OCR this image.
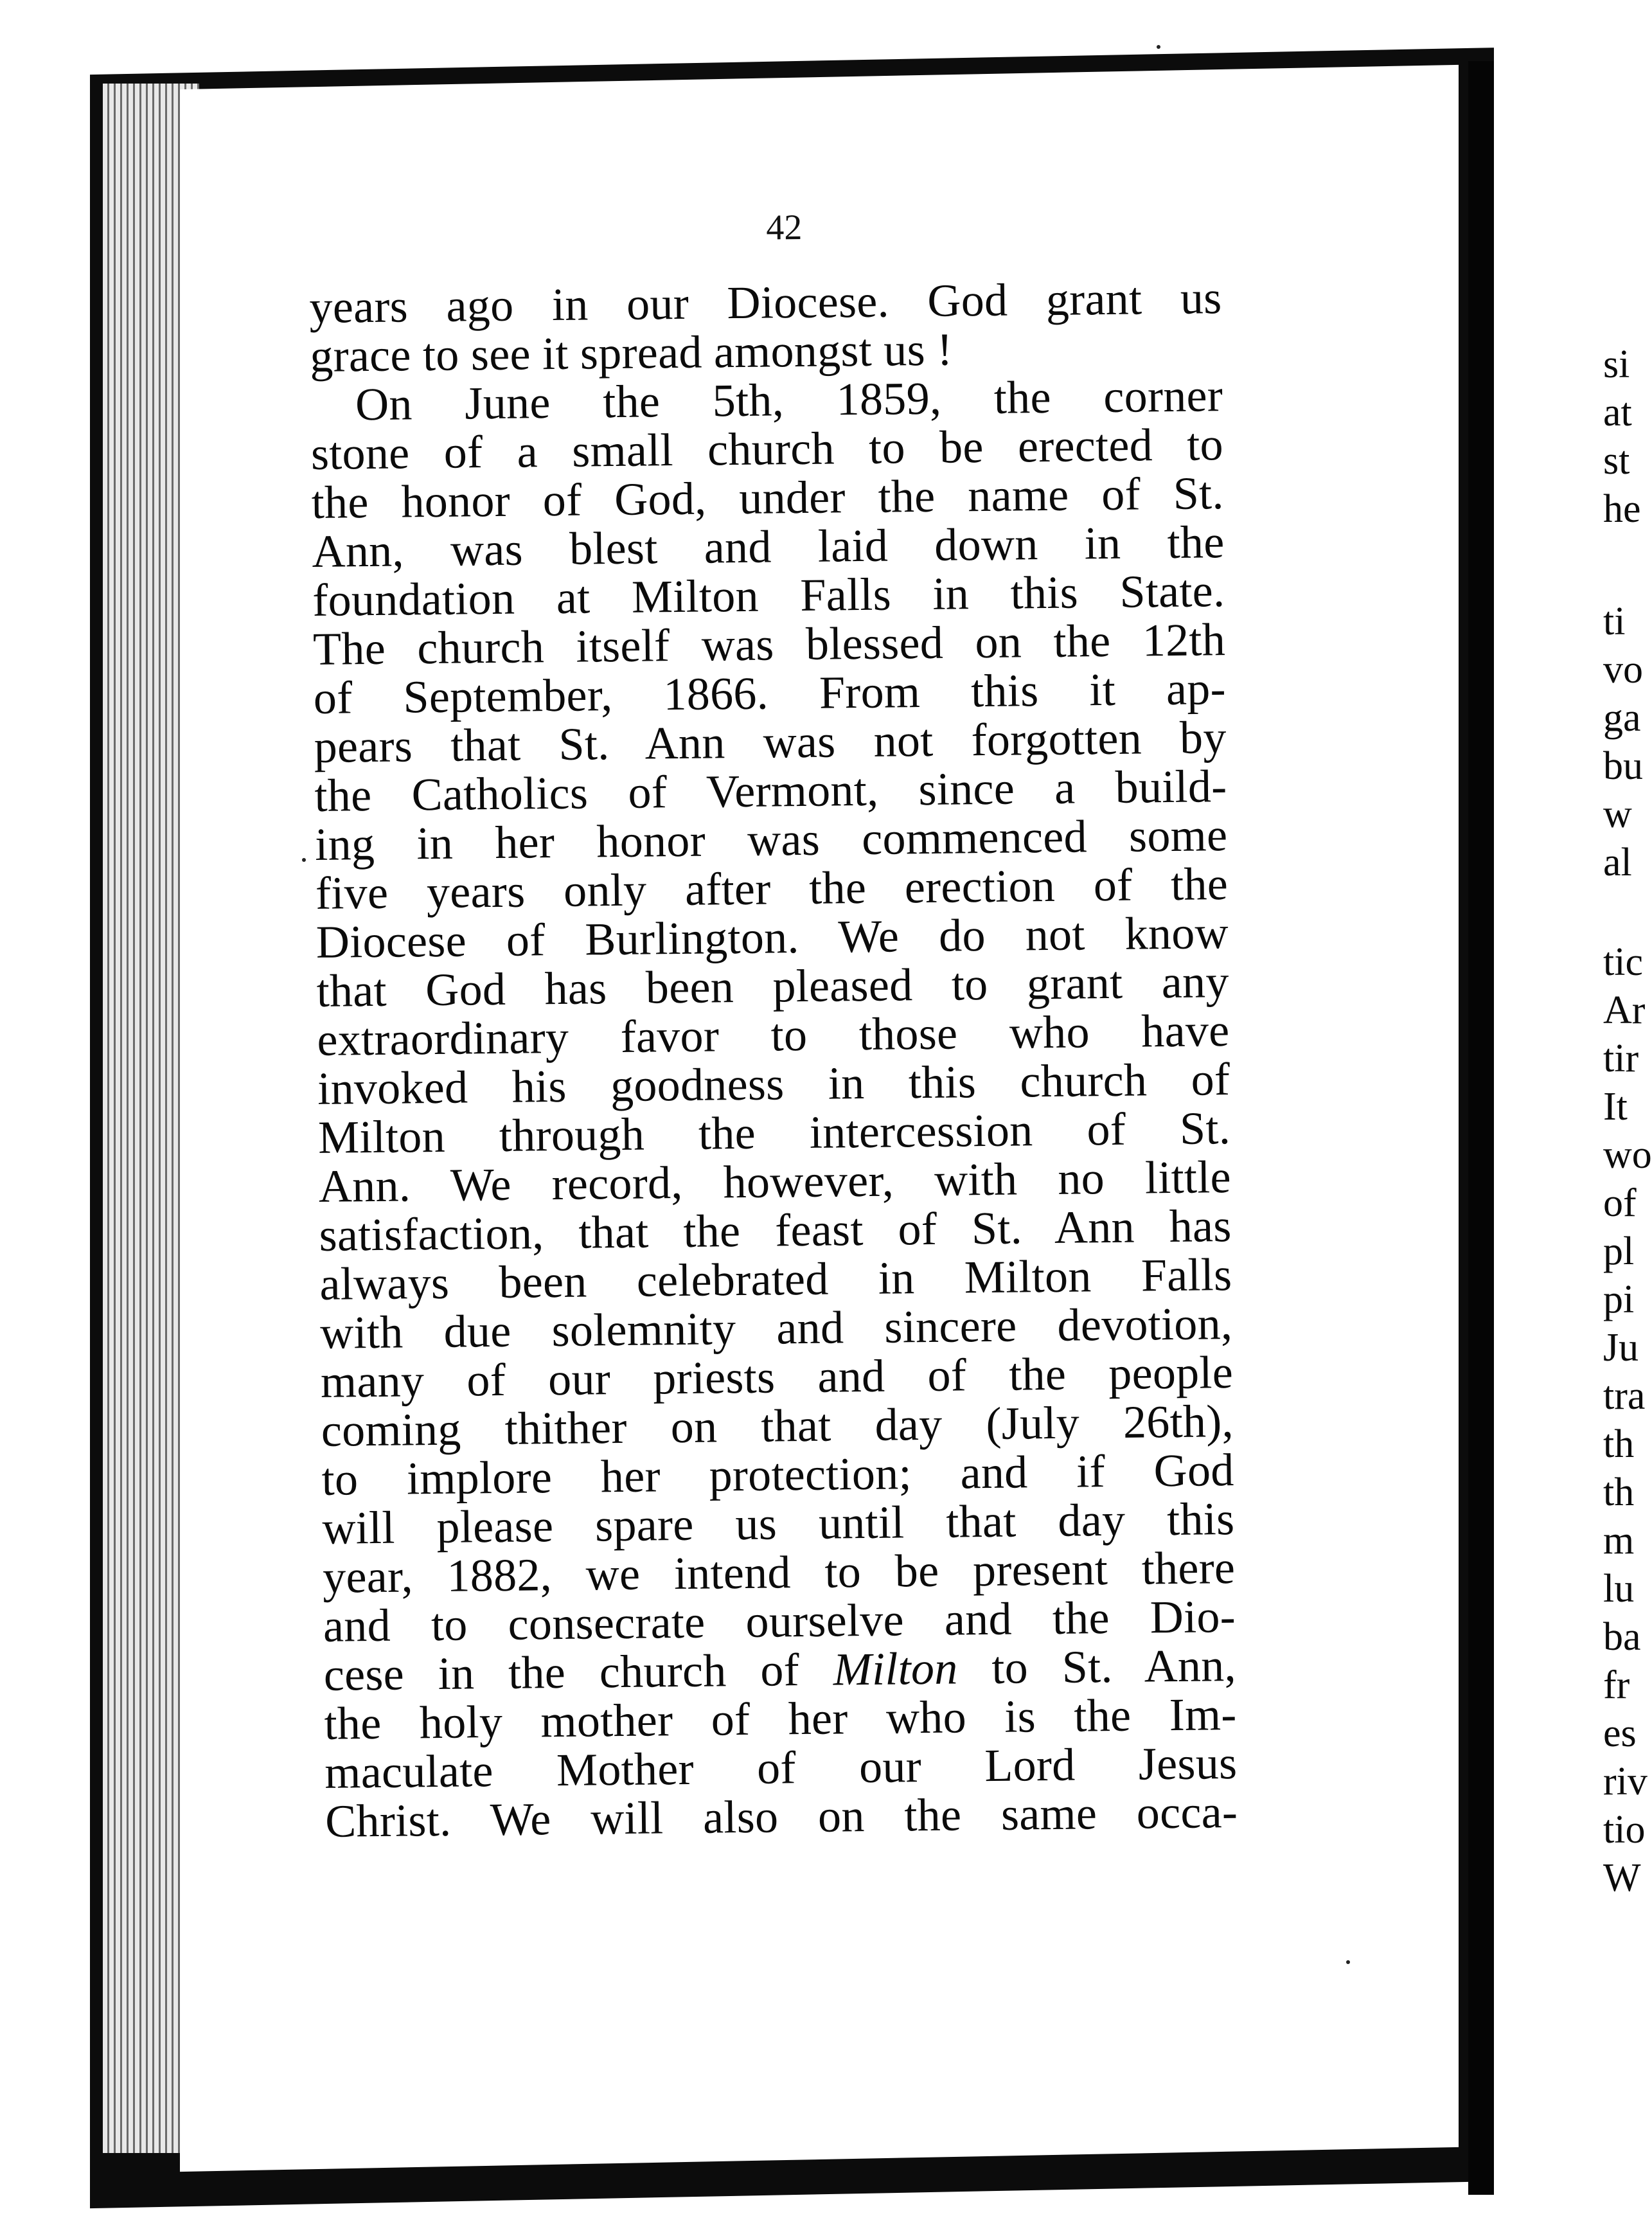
42
years ago in our Diocese. God grant us
grace to see it spread amongst us !
On June the 5th, 1859, the corner
stone of a small church to be erected to
the honor of God, under the name of St.
Ann, was blest and laid down in the
foundation at Milton Falls in this State.
The church itself was blessed on the 12th
of September, 1866. From this it ap-
pears that St. Ann was not forgotten by
the Catholics of Vermont, since a build-
ing in her honor was commenced some
five years only after the erection of the
Diocese of Burlington. We do not know
that God has been pleased to grant any
extraordinary favor to those who have
invoked his goodness in this church of
Milton through the intercession of St.
Ann. We record, however, with no little
satisfaction, that the feast of St. Ann has
always been celebrated in Milton Falls
with due solemnity and sincere devotion,
many of our priests and of the people
coming thither on that day (July 26th),
to implore her protection; and if God
will please spare us until that day this
year, 1882, we intend to be present there
and to consecrate ourselve and the Dio-
cese in the church of Milton to St. Ann,
the holy mother of her who is the Im-
maculate Mother of our Lord Jesus
Christ. We will also on the same occa-
si
at
st
he
ti
vo
ga
bu
w
al
tic
Ar
tir
It
wo
of
pl
pi
Ju
tra
th
th
m
lu
ba
fr
es
riv
tio
W
